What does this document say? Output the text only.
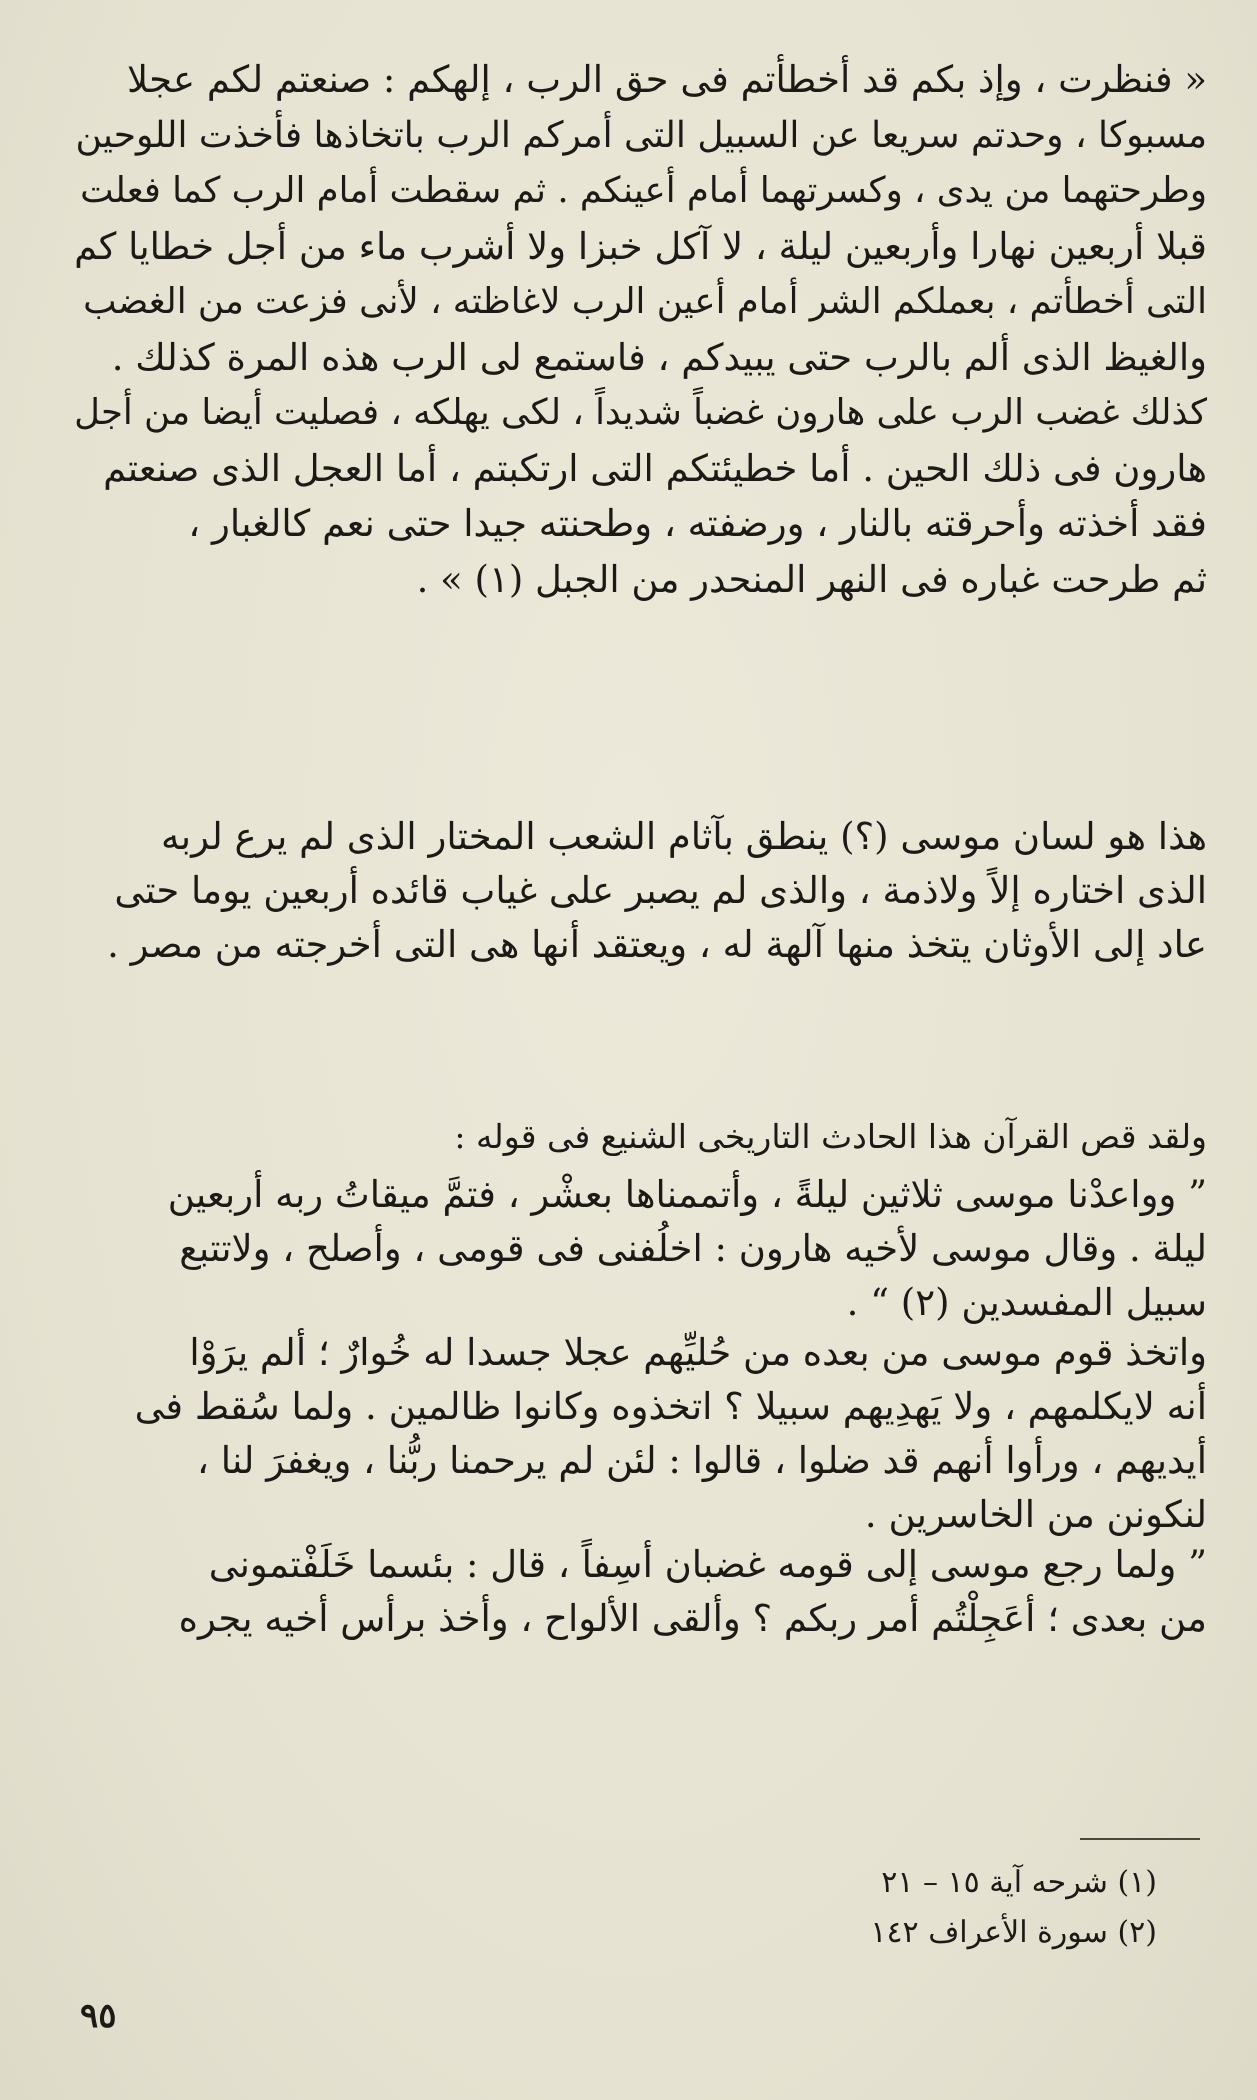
« فنظرت ، وإذ بكم قد أخطأتم فى حق الرب ، إلهكم : صنعتم لكم عجلا
مسبوكا ، وحدتم سريعا عن السبيل التى أمركم الرب باتخاذها فأخذت اللوحين
وطرحتهما من يدى ، وكسرتهما أمام أعينكم . ثم سقطت أمام الرب كما فعلت
قبلا أربعين نهارا وأربعين ليلة ، لا آكل خبزا ولا أشرب ماء من أجل خطايا كم
التى أخطأتم ، بعملكم الشر أمام أعين الرب لاغاظته ، لأنى فزعت من الغضب
والغيظ الذى ألم بالرب حتى يبيدكم ، فاستمع لى الرب هذه المرة كذلك .
كذلك غضب الرب على هارون غضباً شديداً ، لكى يهلكه ، فصليت أيضا من أجل
هارون فى ذلك الحين . أما خطيئتكم التى ارتكبتم ، أما العجل الذى صنعتم
فقد أخذته وأحرقته بالنار ، ورضفته ، وطحنته جيدا حتى نعم كالغبار ،
ثم طرحت غباره فى النهر المنحدر من الجبل (١) » .
هذا هو لسان موسى (؟) ينطق بآثام الشعب المختار الذى لم يرع لربه
الذى اختاره إلاً ولاذمة ، والذى لم يصبر على غياب قائده أربعين يوما حتى
عاد إلى الأوثان يتخذ منها آلهة له ، ويعتقد أنها هى التى أخرجته من مصر .
ولقد قص القرآن هذا الحادث التاريخى الشنيع فى قوله :
” وواعدْنا موسى ثلاثين ليلةً ، وأتممناها بعشْر ، فتمَّ ميقاتُ ربه أربعين
ليلة . وقال موسى لأخيه هارون : اخلُفنى فى قومى ، وأصلح ، ولاتتبع
سبيل المفسدين (٢) “ .
واتخذ قوم موسى من بعده من حُليِّهم عجلا جسدا له خُوارٌ ؛ ألم يرَوْا
أنه لايكلمهم ، ولا يَهدِيهم سبيلا ؟ اتخذوه وكانوا ظالمين . ولما سُقط فى
أيديهم ، ورأوا أنهم قد ضلوا ، قالوا : لئن لم يرحمنا ربُّنا ، ويغفرَ لنا ،
لنكونن من الخاسرين .
” ولما رجع موسى إلى قومه غضبان أسِفاً ، قال : بئسما خَلَفْتمونى
من بعدى ؛ أعَجِلْتُم أمر ربكم ؟ وألقى الألواح ، وأخذ برأس أخيه يجره
(١) شرحه آية ١٥ – ٢١
(٢) سورة الأعراف ١٤٢
٩٥
